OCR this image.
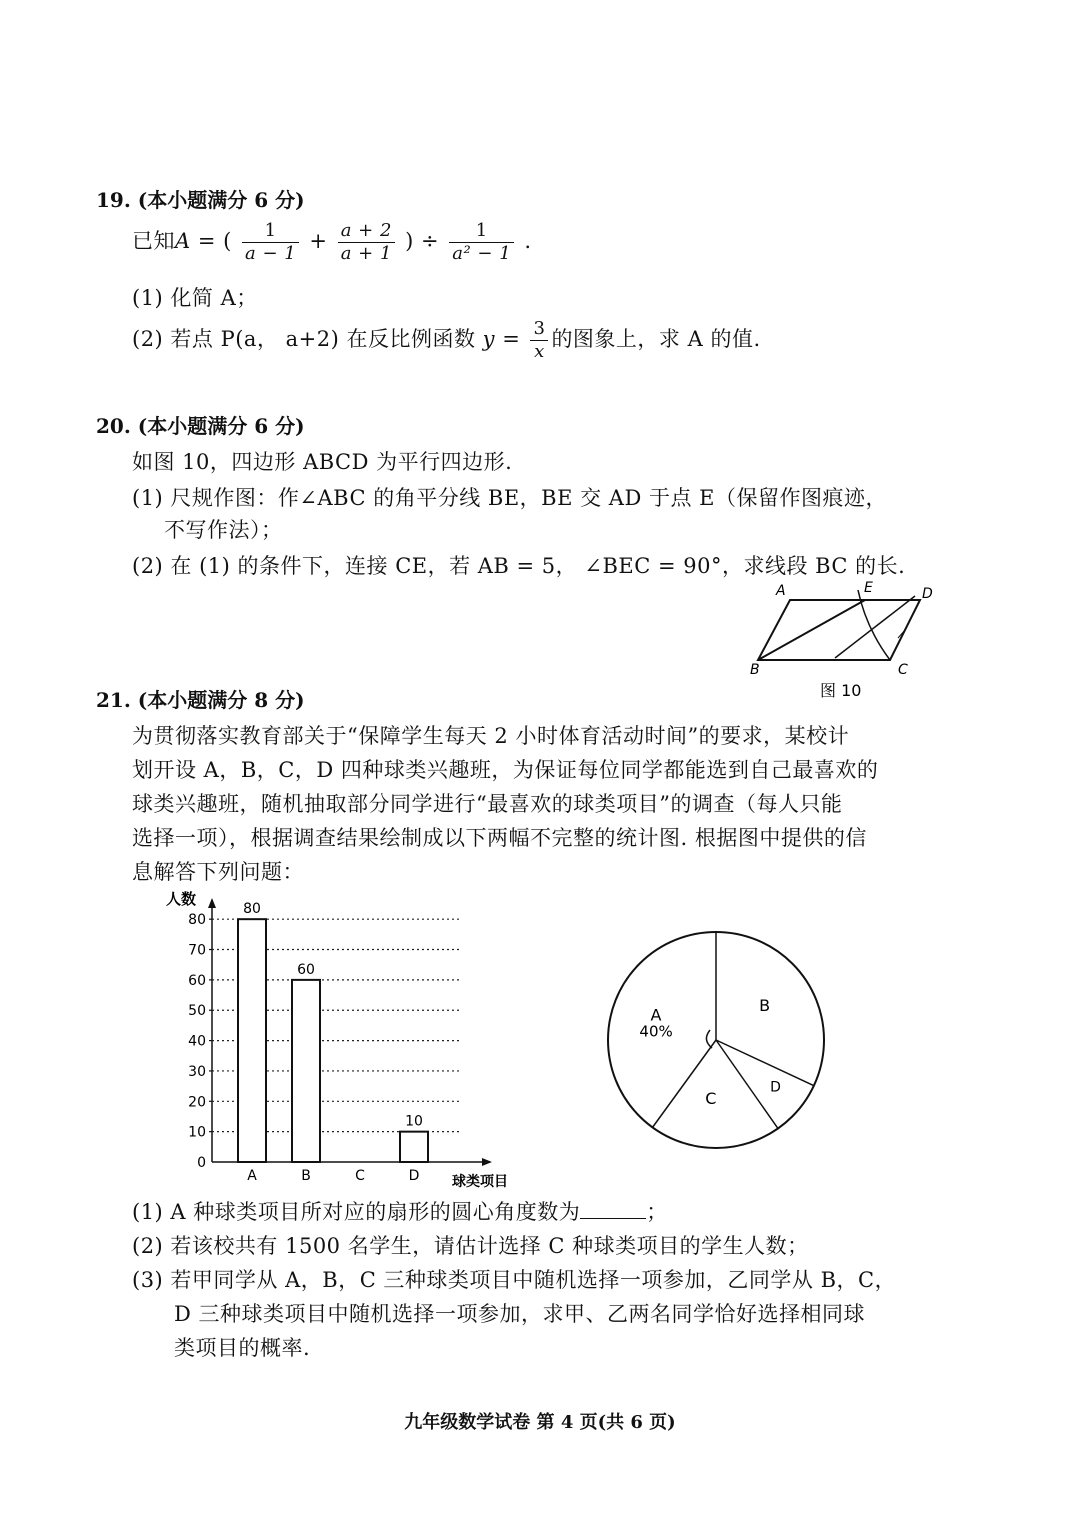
19. (本小题满分 6 分)
已知A = ( $\frac{1}{a - 1} + \frac{a + 2}{a + 1}$ ) ÷ $\frac{1}{\text{a² − 1}}$ .
(1) 化简 A；
(2) 若点 P(a， a+2) 在反比例函数 $y = \frac{3}{x}$ 的图象上，求 A 的值.
20. (本小题满分 6 分)
如图 10，四边形 ABCD 为平行四边形.
(1) 尺规作图：作∠ABC 的角平分线 BE，BE 交 AD 于点 E（保留作图痕迹，
不写作法）；
(2) 在 (1) 的条件下，连接 CE，若 AB = 5， ∠BEC = 90°，求线段 BC 的长.
A	E	D
B	C
图 10
21. (本小题满分 8 分)
为贯彻落实教育部关于“保障学生每天 2 小时体育活动时间”的要求，某校计
划开设 A，B，C，D 四种球类兴趣班，为保证每位同学都能选到自己最喜欢的
球类兴趣班，随机抽取部分同学进行“最喜欢的球类项目”的调查（每人只能
选择一项），根据调查结果绘制成以下两幅不完整的统计图. 根据图中提供的信
息解答下列问题：
人数
球类项目
0
10
20
30
40
50
60
70
80
80
A
60
B	C
10
D
B
D
C
A
40%
(1) A 种球类项目所对应的扇形的圆心角度数为	；
(2) 若该校共有 1500 名学生，请估计选择 C 种球类项目的学生人数；
(3) 若甲同学从 A，B，C 三种球类项目中随机选择一项参加，乙同学从 B，C，
D 三种球类项目中随机选择一项参加，求甲、乙两名同学恰好选择相同球
类项目的概率.
九年级数学试卷 第 4 页(共 6 页)
